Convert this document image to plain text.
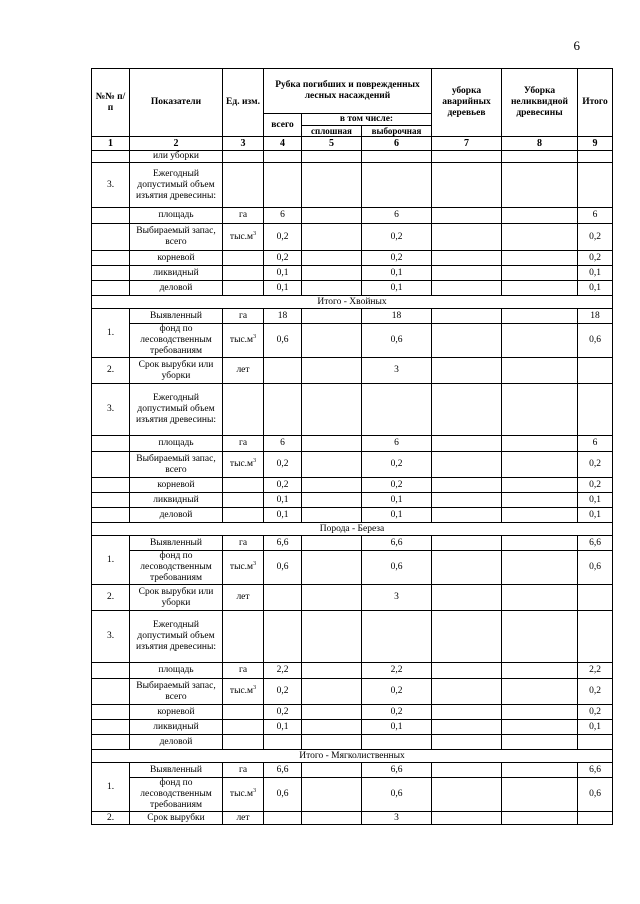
6
№№ п/п	Показатели	Ед. изм.	Рубка погибших и поврежденных лесных насаждений			уборка аварийных деревьев	Уборка неликвидной древесины	Итого
			всего	в том числе:				
				сплошная	выборочная			
1	2	3	4	5	6	7	8	9
	или уборки							
3.	Ежегодный допустимый объем изъятия древесины:							
	площадь	га	6		6			6
	Выбираемый запас, всего	$тыс.м^3$	0,2		0,2			0,2
	корневой		0,2		0,2			0,2
	ликвидный		0,1		0,1			0,1
	деловой		0,1		0,1			0,1
Итого - Хвойных								
1.	Выявленный	га	18		18			18
	фонд по лесоводственным требованиям	$тыс.м^3$	0,6		0,6			0,6
2.	Срок вырубки или уборки	лет			3			
3.	Ежегодный допустимый объем изъятия древесины:							
	площадь	га	6		6			6
	Выбираемый запас, всего	$тыс.м^3$	0,2		0,2			0,2
	корневой		0,2		0,2			0,2
	ликвидный		0,1		0,1			0,1
	деловой		0,1		0,1			0,1
Порода - Береза								
1.	Выявленный	га	6,6		6,6			6,6
	фонд по лесоводственным требованиям	$тыс.м^3$	0,6		0,6			0,6
2.	Срок вырубки или уборки	лет			3			
3.	Ежегодный допустимый объем изъятия древесины:							
	площадь	га	2,2		2,2			2,2
	Выбираемый запас, всего	$тыс.м^3$	0,2		0,2			0,2
	корневой		0,2		0,2			0,2
	ликвидный		0,1		0,1			0,1
	деловой							
Итого - Мягколиственных								
1.	Выявленный	га	6,6		6,6			6,6
	фонд по лесоводственным требованиям	$тыс.м^3$	0,6		0,6			0,6
2.	Срок вырубки	лет			3			
